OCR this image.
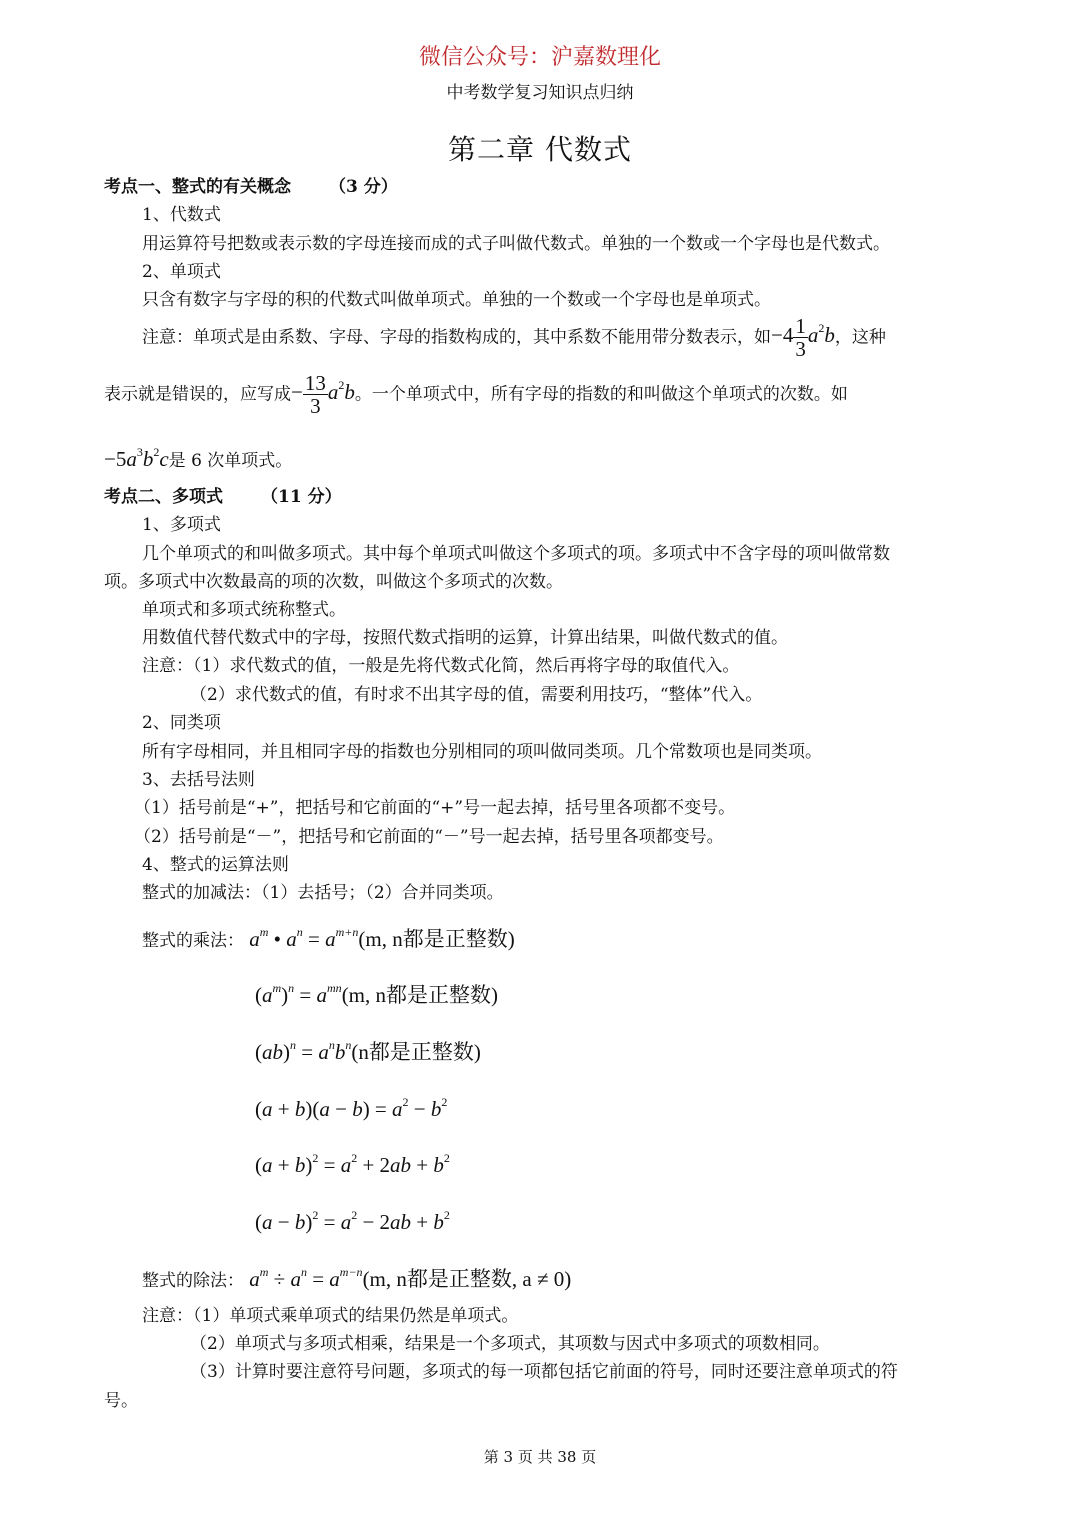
微信公众号：沪嘉数理化
中考数学复习知识点归纳
第二章 代数式
考点一、整式的有关概念 （3 分）
1、代数式
用运算符号把数或表示数的字母连接而成的式子叫做代数式。单独的一个数或一个字母也是代数式。
2、单项式
只含有数字与字母的积的代数式叫做单项式。单独的一个数或一个字母也是单项式。
注意：单项式是由系数、字母、字母的指数构成的，其中系数不能用带分数表示，如$-4 \frac{1}{3} a^2b$，这种
表示就是错误的，应写成− $\frac{13}{3} a^2b$。一个单项式中，所有字母的指数的和叫做这个单项式的次数。如
$-5a^3b^2c$是 6 次单项式。
考点二、多项式 （11 分）
1、多项式
几个单项式的和叫做多项式。其中每个单项式叫做这个多项式的项。多项式中不含字母的项叫做常数
项。多项式中次数最高的项的次数，叫做这个多项式的次数。
单项式和多项式统称整式。
用数值代替代数式中的字母，按照代数式指明的运算，计算出结果，叫做代数式的值。
注意：（1）求代数式的值，一般是先将代数式化简，然后再将字母的取值代入。
（2）求代数式的值，有时求不出其字母的值，需要利用技巧，“整体”代入。
2、同类项
所有字母相同，并且相同字母的指数也分别相同的项叫做同类项。几个常数项也是同类项。
3、去括号法则
（1）括号前是“+”，把括号和它前面的“+”号一起去掉，括号里各项都不变号。
（2）括号前是“－”，把括号和它前面的“－”号一起去掉，括号里各项都变号。
4、整式的运算法则
整式的加减法：（1）去括号；（2）合并同类项。
整式的乘法： $a^m$ • $a^n = a^{m+n}(m$, n都是正整数)
$(a^m)^n = a^{mn}(m$, n都是正整数)
$(ab)^n = a^nb^n(n$都是正整数)
$(a + b)(a - b) = a^2 - b^2$
$(a + b)^2 = a^2 + 2ab + b^2$
$(a - b)^2 = a^2 - 2ab + b^2$
整式的除法： $a^m \div a^n = a^{m-n}(m$, n都是正整数, a ≠ 0)
注意：（1）单项式乘单项式的结果仍然是单项式。
（2）单项式与多项式相乘，结果是一个多项式，其项数与因式中多项式的项数相同。
（3）计算时要注意符号问题，多项式的每一项都包括它前面的符号，同时还要注意单项式的符
号。
第 3 页 共 38 页
